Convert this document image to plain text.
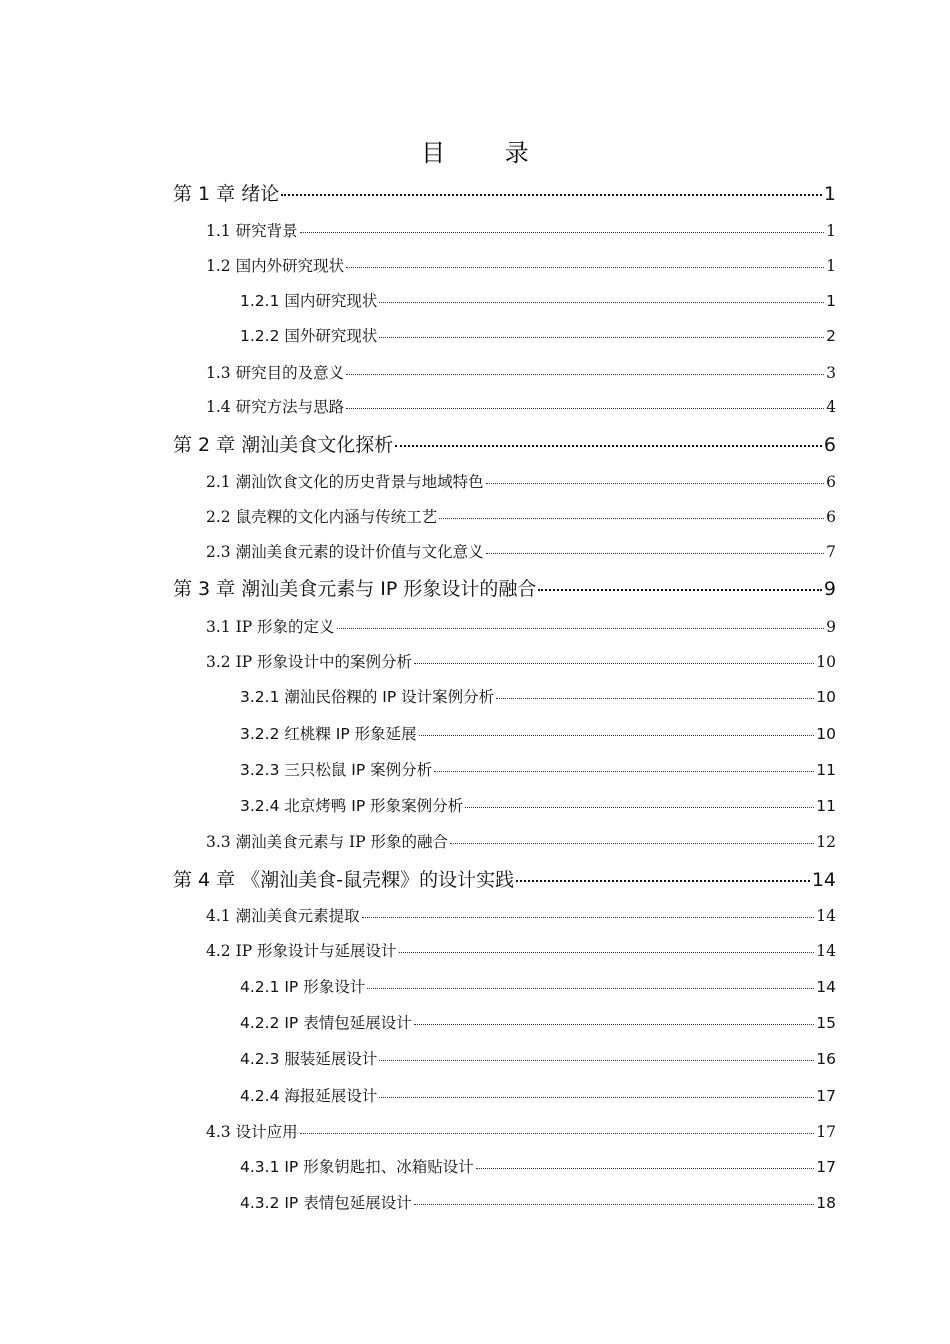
目 录
第 1 章 绪论	1
1.1 研究背景	1
1.2 国内外研究现状	1
1.2.1 国内研究现状	1
1.2.2 国外研究现状	2
1.3 研究目的及意义	3
1.4 研究方法与思路	4
第 2 章 潮汕美食文化探析	6
2.1 潮汕饮食文化的历史背景与地域特色	6
2.2 鼠壳粿的文化内涵与传统工艺	6
2.3 潮汕美食元素的设计价值与文化意义	7
第 3 章 潮汕美食元素与 IP 形象设计的融合	9
3.1 IP 形象的定义	9
3.2 IP 形象设计中的案例分析	10
3.2.1 潮汕民俗粿的 IP 设计案例分析	10
3.2.2 红桃粿 IP 形象延展	10
3.2.3 三只松鼠 IP 案例分析	11
3.2.4 北京烤鸭 IP 形象案例分析	11
3.3 潮汕美食元素与 IP 形象的融合	12
第 4 章 《潮汕美食-鼠壳粿》的设计实践	14
4.1 潮汕美食元素提取	14
4.2 IP 形象设计与延展设计	14
4.2.1 IP 形象设计	14
4.2.2 IP 表情包延展设计	15
4.2.3 服装延展设计	16
4.2.4 海报延展设计	17
4.3 设计应用	17
4.3.1 IP 形象钥匙扣、冰箱贴设计	17
4.3.2 IP 表情包延展设计	18
